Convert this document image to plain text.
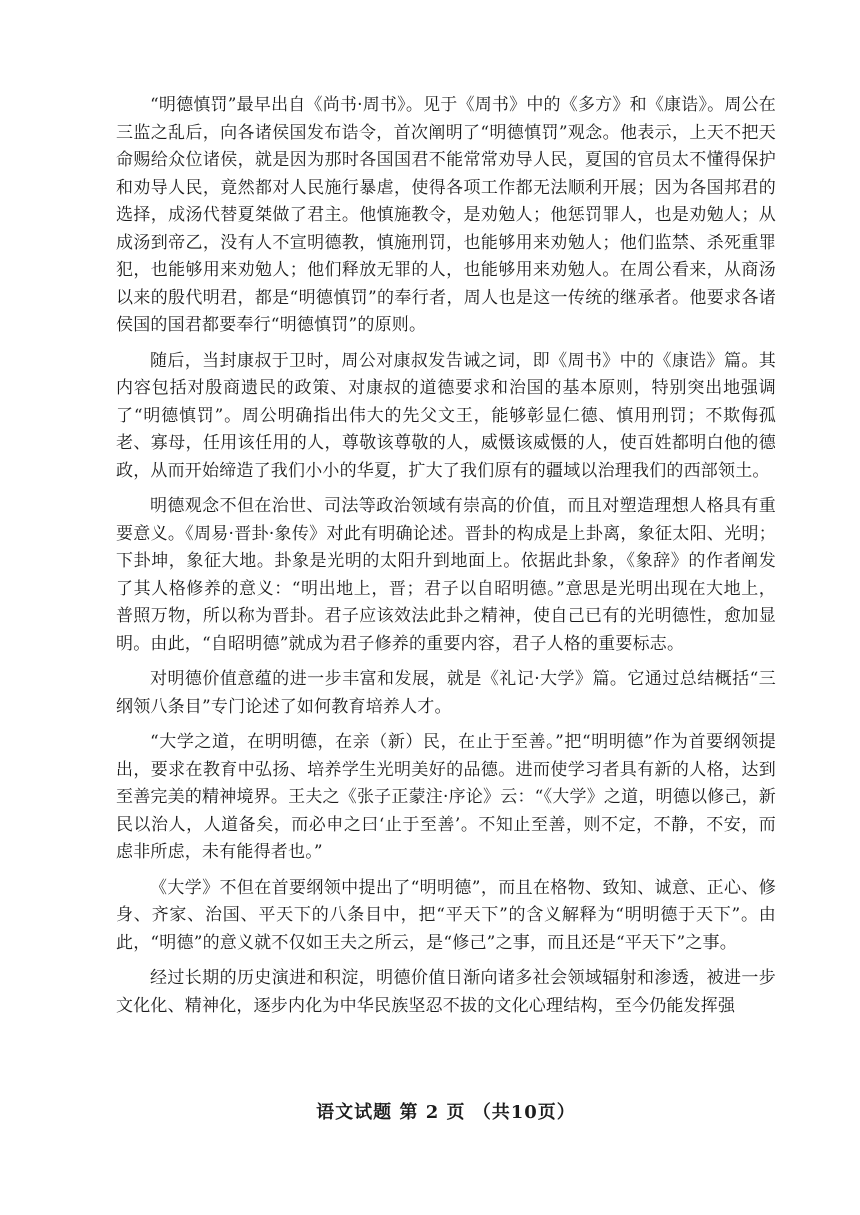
“明德慎罚”最早出自《尚书·周书》。见于《周书》中的《多方》和《康诰》。周公在三监之乱后，向各诸侯国发布诰令，首次阐明了“明德慎罚”观念。他表示，上天不把天命赐给众位诸侯，就是因为那时各国国君不能常常劝导人民，夏国的官员太不懂得保护和劝导人民，竟然都对人民施行暴虐，使得各项工作都无法顺利开展；因为各国邦君的选择，成汤代替夏桀做了君主。他慎施教令，是劝勉人；他惩罚罪人，也是劝勉人；从成汤到帝乙，没有人不宣明德教，慎施刑罚，也能够用来劝勉人；他们监禁、杀死重罪犯，也能够用来劝勉人；他们释放无罪的人，也能够用来劝勉人。在周公看来，从商汤以来的殷代明君，都是“明德慎罚”的奉行者，周人也是这一传统的继承者。他要求各诸侯国的国君都要奉行“明德慎罚”的原则。

随后，当封康叔于卫时，周公对康叔发告诫之词，即《周书》中的《康诰》篇。其内容包括对殷商遗民的政策、对康叔的道德要求和治国的基本原则，特别突出地强调了“明德慎罚”。周公明确指出伟大的先父文王，能够彰显仁德、慎用刑罚；不欺侮孤老、寡母，任用该任用的人，尊敬该尊敬的人，威慑该威慑的人，使百姓都明白他的德政，从而开始缔造了我们小小的华夏，扩大了我们原有的疆域以治理我们的西部领土。

明德观念不但在治世、司法等政治领域有崇高的价值，而且对塑造理想人格具有重要意义。《周易·晋卦·象传》对此有明确论述。晋卦的构成是上卦离，象征太阳、光明；下卦坤，象征大地。卦象是光明的太阳升到地面上。依据此卦象，《象辞》的作者阐发了其人格修养的意义：“明出地上，晋；君子以自昭明德。”意思是光明出现在大地上，普照万物，所以称为晋卦。君子应该效法此卦之精神，使自己已有的光明德性，愈加显明。由此，“自昭明德”就成为君子修养的重要内容，君子人格的重要标志。

对明德价值意蕴的进一步丰富和发展，就是《礼记·大学》篇。它通过总结概括“三纲领八条目”专门论述了如何教育培养人才。

“大学之道，在明明德，在亲（新）民，在止于至善。”把“明明德”作为首要纲领提出，要求在教育中弘扬、培养学生光明美好的品德。进而使学习者具有新的人格，达到至善完美的精神境界。王夫之《张子正蒙注·序论》云：“《大学》之道，明德以修己，新民以治人，人道备矣，而必申之曰‘止于至善’。不知止至善，则不定，不静，不安，而虑非所虑，未有能得者也。”

《大学》不但在首要纲领中提出了“明明德”，而且在格物、致知、诚意、正心、修身、齐家、治国、平天下的八条目中，把“平天下”的含义解释为“明明德于天下”。由此，“明德”的意义就不仅如王夫之所云，是“修己”之事，而且还是“平天下”之事。

经过长期的历史演进和积淀，明德价值日渐向诸多社会领域辐射和渗透，被进一步文化化、精神化，逐步内化为中华民族坚忍不拔的文化心理结构，至今仍能发挥强

语文试题 第 2 页 （共10页）
